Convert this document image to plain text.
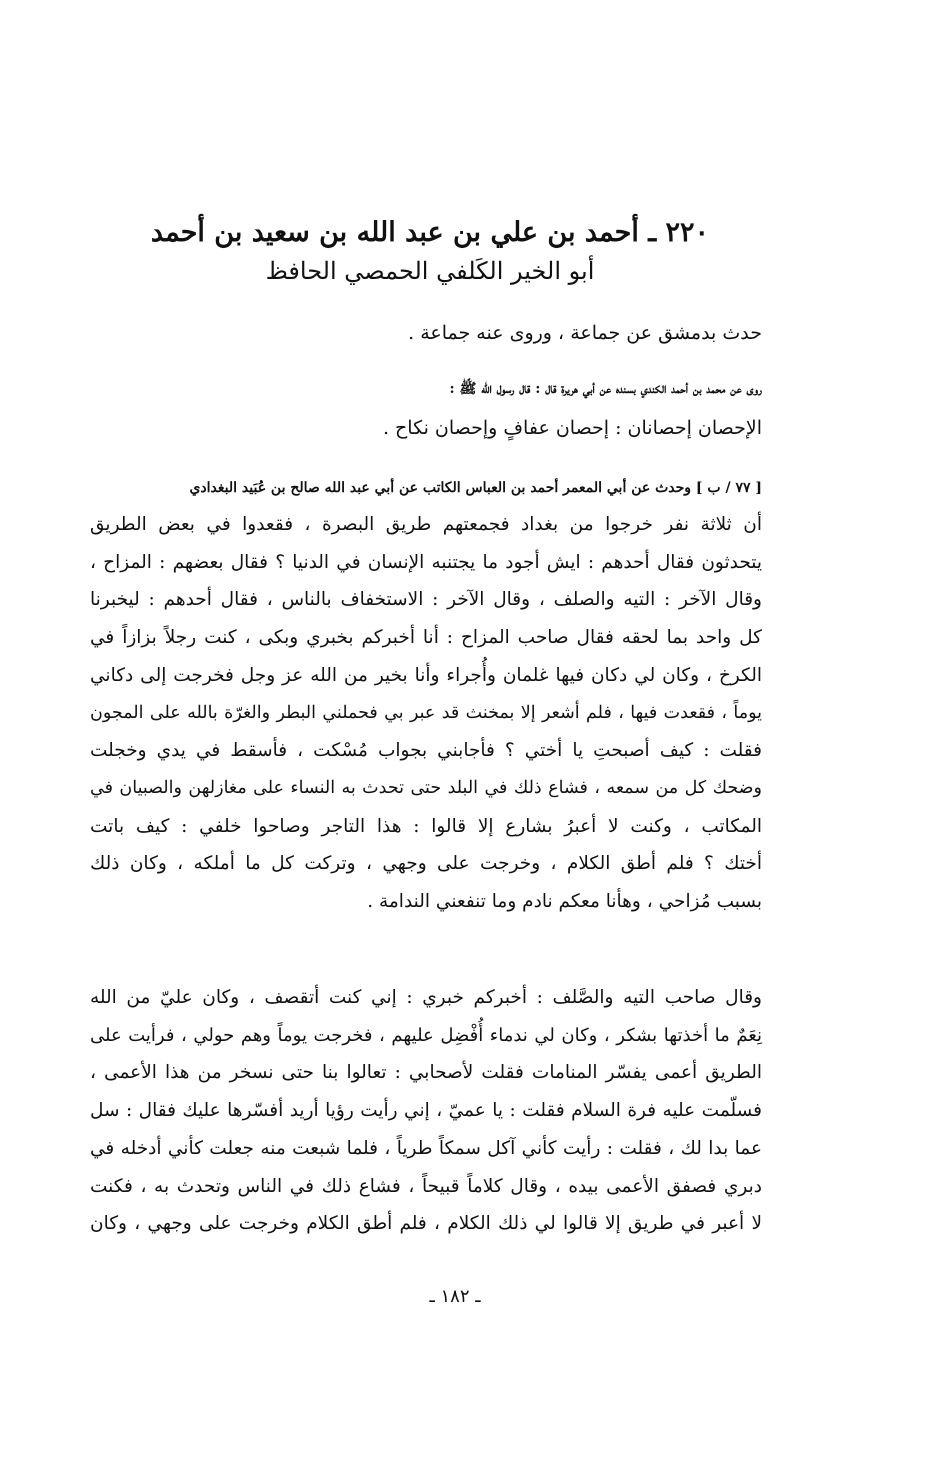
٢٢٠ ـ أحمد بن علي بن عبد الله بن سعيد بن أحمد
أبو الخير الكَلفي الحمصي الحافظ
حدث بدمشق عن جماعة ، وروى عنه جماعة .
روى عن محمد بن أحمد الكندي بسنده عن أبي هريرة قال : قال رسول الله ﷺ :
الإحصان إحصانان : إحصان عفافٍ وإحصان نكاح .
[ ٧٧ / ب ] وحدث عن أبي المعمر أحمد بن العباس الكاتب عن أبي عبد الله صالح بن عُبَيد البغدادي
أن ثلاثة نفر خرجوا من بغداد فجمعتهم طريق البصرة ، فقعدوا في بعض الطريق
يتحدثون فقال أحدهم : ايش أجود ما يجتنبه الإنسان في الدنيا ؟ فقال بعضهم : المزاح ،
وقال الآخر : التيه والصلف ، وقال الآخر : الاستخفاف بالناس ، فقال أحدهم : ليخبرنا
كل واحد بما لحقه فقال صاحب المزاح : أنا أخبركم بخبري وبكى ، كنت رجلاً بزازاً في
الكرخ ، وكان لي دكان فيها غلمان وأُجراء وأنا بخير من الله عز وجل فخرجت إلى دكاني
يوماً ، فقعدت فيها ، فلم أشعر إلا بمخنث قد عبر بي فحملني البطر والغرّة بالله على المجون
فقلت : كيف أصبحتِ يا أختي ؟ فأجابني بجواب مُسْكت ، فأسقط في يدي وخجلت
وضحك كل من سمعه ، فشاع ذلك في البلد حتى تحدث به النساء على مغازلهن والصبيان في
المكاتب ، وكنت لا أعبرُ بشارع إلا قالوا : هذا التاجر وصاحوا خلفي : كيف باتت
أختك ؟ فلم أطق الكلام ، وخرجت على وجهي ، وتركت كل ما أملكه ، وكان ذلك
بسبب مُزاحي ، وهأنا معكم نادم وما تنفعني الندامة .
وقال صاحب التيه والصَّلف : أخبركم خبري : إني كنت أتقصف ، وكان عليّ من الله
نِعَمٌ ما أخذتها بشكر ، وكان لي ندماء أُفْضِل عليهم ، فخرجت يوماً وهم حولي ، فرأيت على
الطريق أعمى يفسّر المنامات فقلت لأصحابي : تعالوا بنا حتى نسخر من هذا الأعمى ،
فسلّمت عليه فرة السلام فقلت : يا عميّ ، إني رأيت رؤيا أريد أفسّرها عليك فقال : سل
عما بدا لك ، فقلت : رأيت كأني آكل سمكاً طرياً ، فلما شبعت منه جعلت كأني أدخله في
دبري فصفق الأعمى بيده ، وقال كلاماً قبيحاً ، فشاع ذلك في الناس وتحدث به ، فكنت
لا أعبر في طريق إلا قالوا لي ذلك الكلام ، فلم أطق الكلام وخرجت على وجهي ، وكان
ـ ١٨٢ ـ
